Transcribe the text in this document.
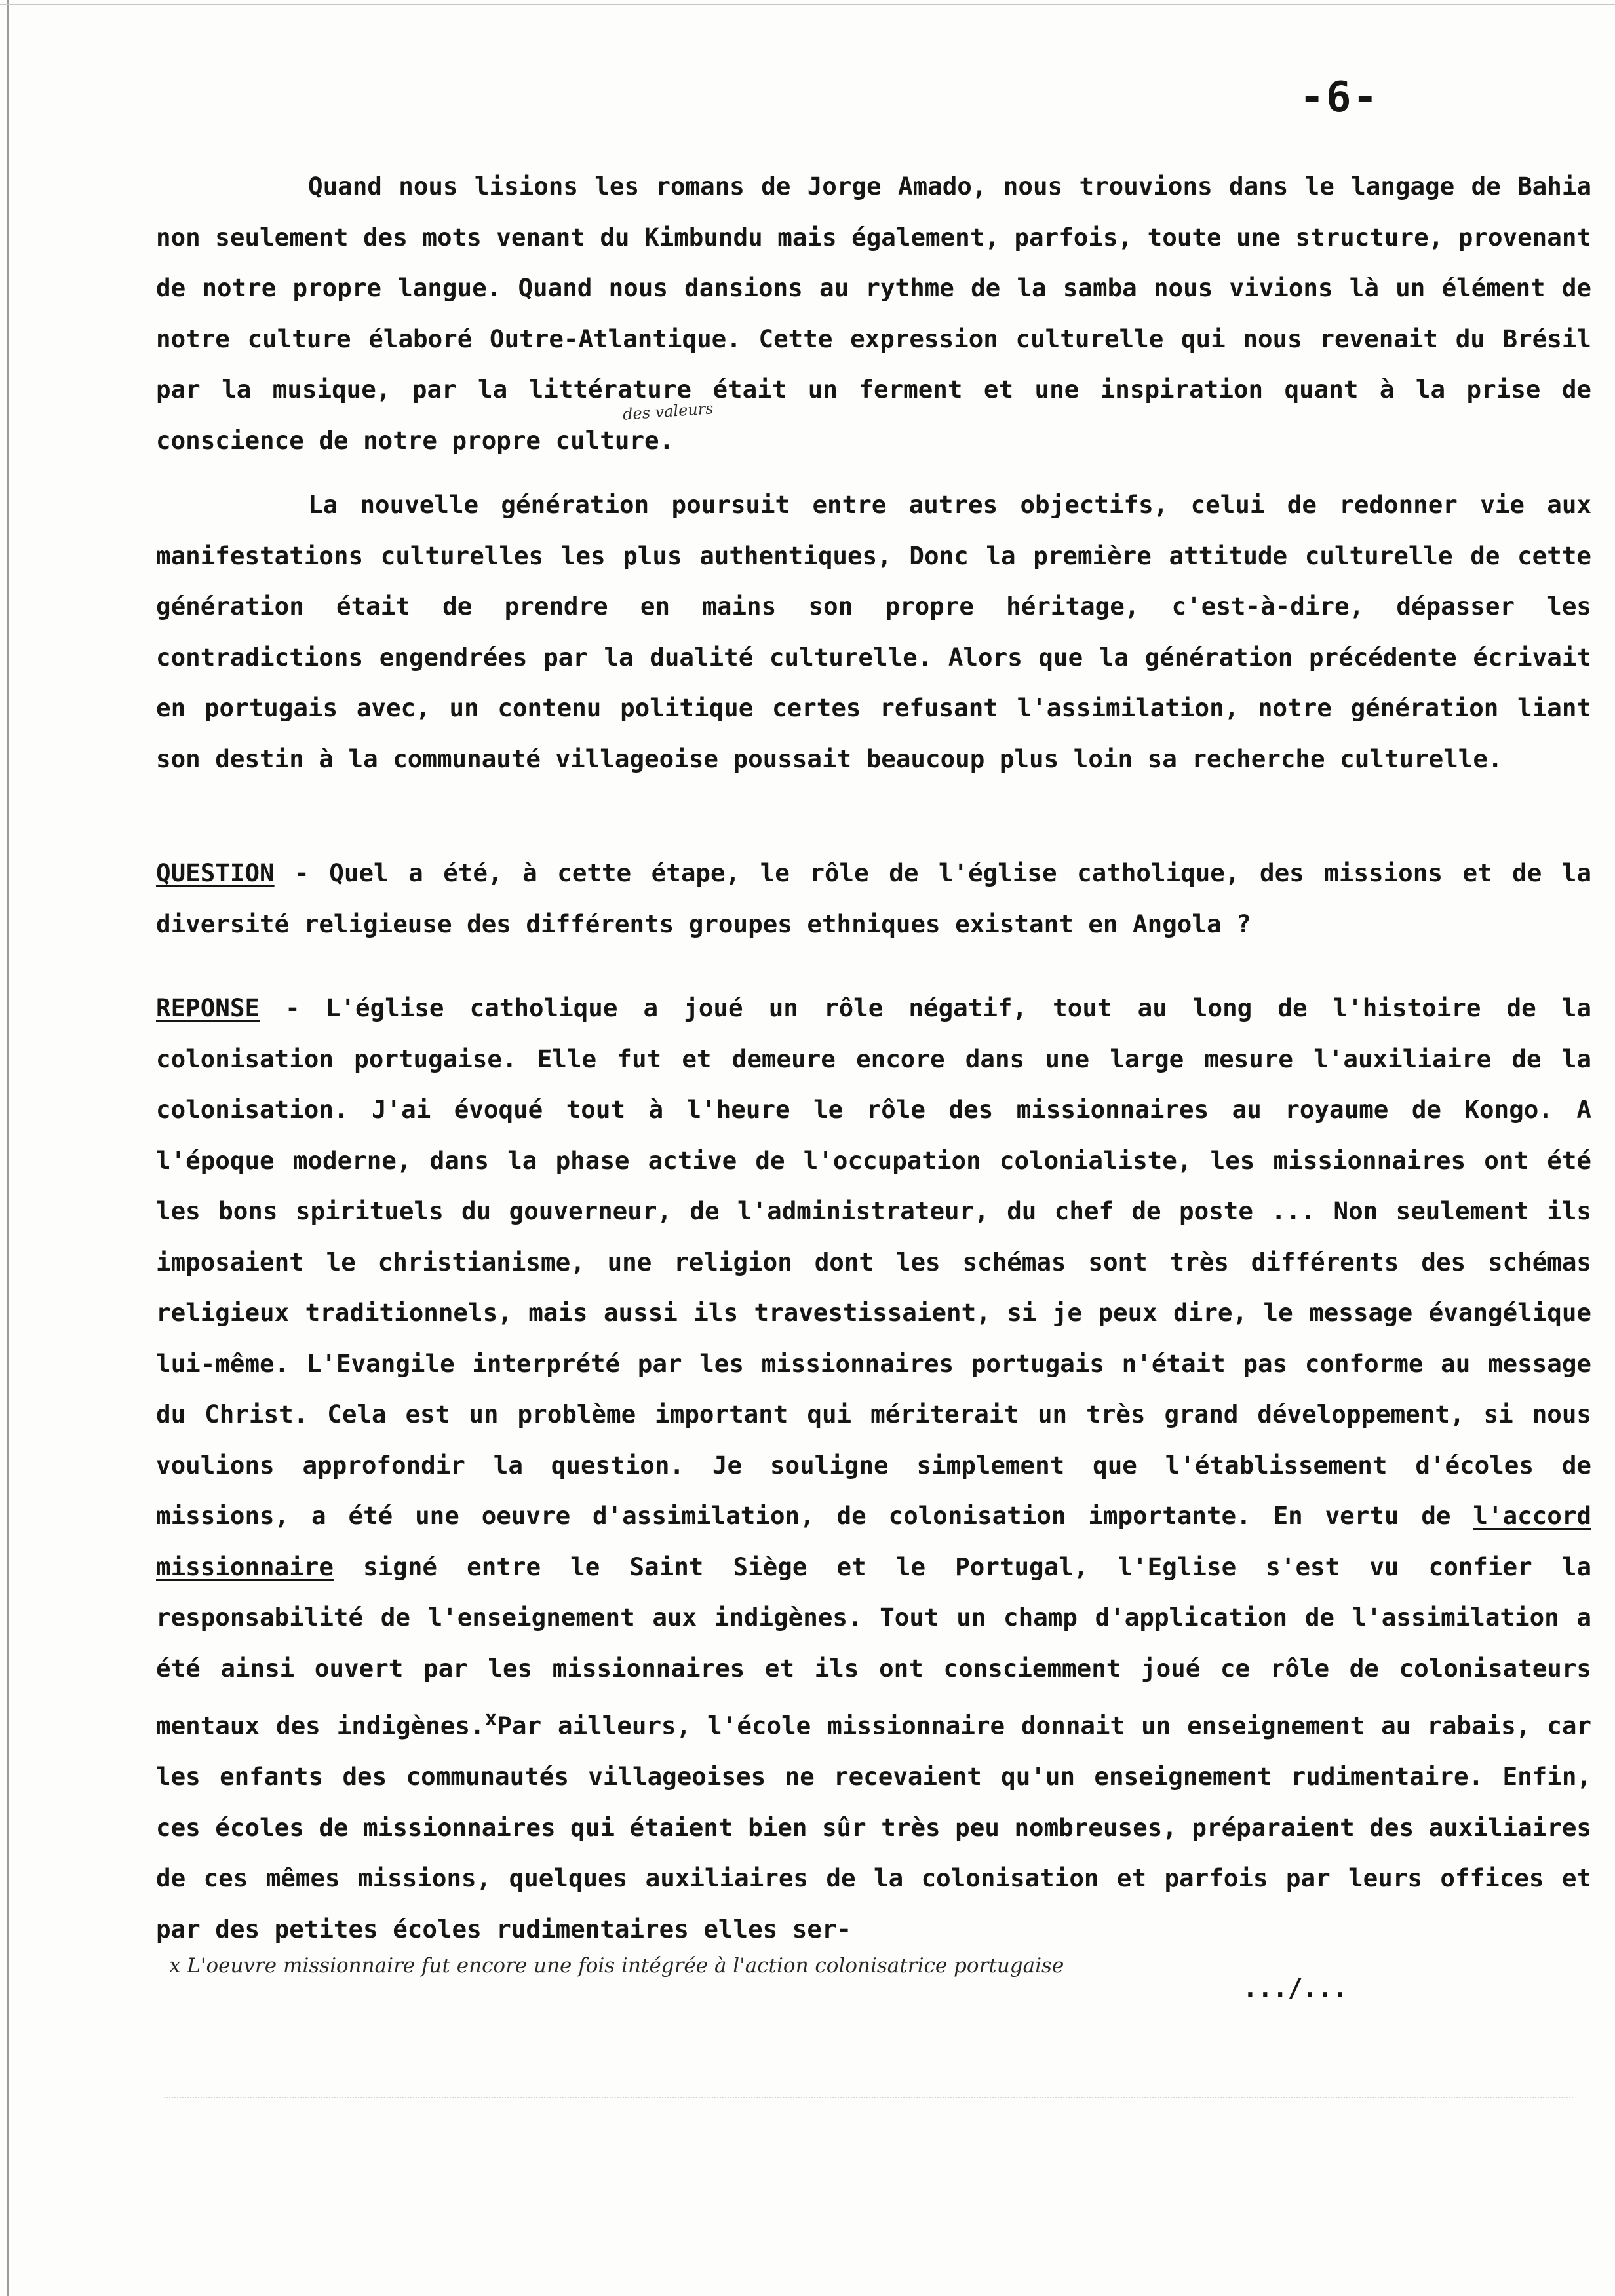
-6-
Quand nous lisions les romans de Jorge Amado, nous trouvions dans le langage de Bahia non seulement des mots venant du Kimbundu mais également, parfois, toute une structure, provenant de notre propre langue. Quand nous dansions au rythme de la samba nous vivions là un élément de notre culture élaboré Outre-Atlantique. Cette expression culturelle qui nous revenait du Brésil par la musique, par la littérature était un ferment et une inspiration quant à la prise de conscience de notre propre culture.
des valeurs
La nouvelle génération poursuit entre autres objectifs, celui de redonner vie aux manifestations culturelles les plus authentiques, Donc la première attitude culturelle de cette génération était de prendre en mains son propre héritage, c'est-à-dire, dépasser les contradictions engendrées par la dualité culturelle. Alors que la génération précédente écrivait en portugais avec, un contenu politique certes refusant l'assimilation, notre génération liant son destin à la communauté villageoise poussait beaucoup plus loin sa recherche culturelle.
QUESTION - Quel a été, à cette étape, le rôle de l'église catholique, des missions et de la diversité religieuse des différents groupes ethniques existant en Angola ?
REPONSE - L'église catholique a joué un rôle négatif, tout au long de l'histoire de la colonisation portugaise. Elle fut et demeure encore dans une large mesure l'auxiliaire de la colonisation. J'ai évoqué tout à l'heure le rôle des missionnaires au royaume de Kongo. A l'époque moderne, dans la phase active de l'occupation colonialiste, les missionnaires ont été les bons spirituels du gouverneur, de l'administrateur, du chef de poste ... Non seulement ils imposaient le christianisme, une religion dont les schémas sont très différents des schémas religieux traditionnels, mais aussi ils travestissaient, si je peux dire, le message évangélique lui-même. L'Evangile interprété par les missionnaires portugais n'était pas conforme au message du Christ. Cela est un problème important qui mériterait un très grand développement, si nous voulions approfondir la question. Je souligne simplement que l'établissement d'écoles de missions, a été une oeuvre d'assimilation, de colonisation importante. En vertu de l'accord missionnaire signé entre le Saint Siège et le Portugal, l'Eglise s'est vu confier la responsabilité de l'enseignement aux indigènes. Tout un champ d'application de l'assimilation a été ainsi ouvert par les missionnaires et ils ont consciemment joué ce rôle de colonisateurs mentaux des indigènes.$^x$Par ailleurs, l'école missionnaire donnait un enseignement au rabais, car les enfants des communautés villageoises ne recevaient qu'un enseignement rudimentaire. Enfin, ces écoles de missionnaires qui étaient bien sûr très peu nombreuses, préparaient des auxiliaires de ces mêmes missions, quelques auxiliaires de la colonisation et parfois par leurs offices et par des petites écoles rudimentaires elles ser-
x L'oeuvre missionnaire fut encore une fois intégrée à l'action colonisatrice portugaise
.../...
